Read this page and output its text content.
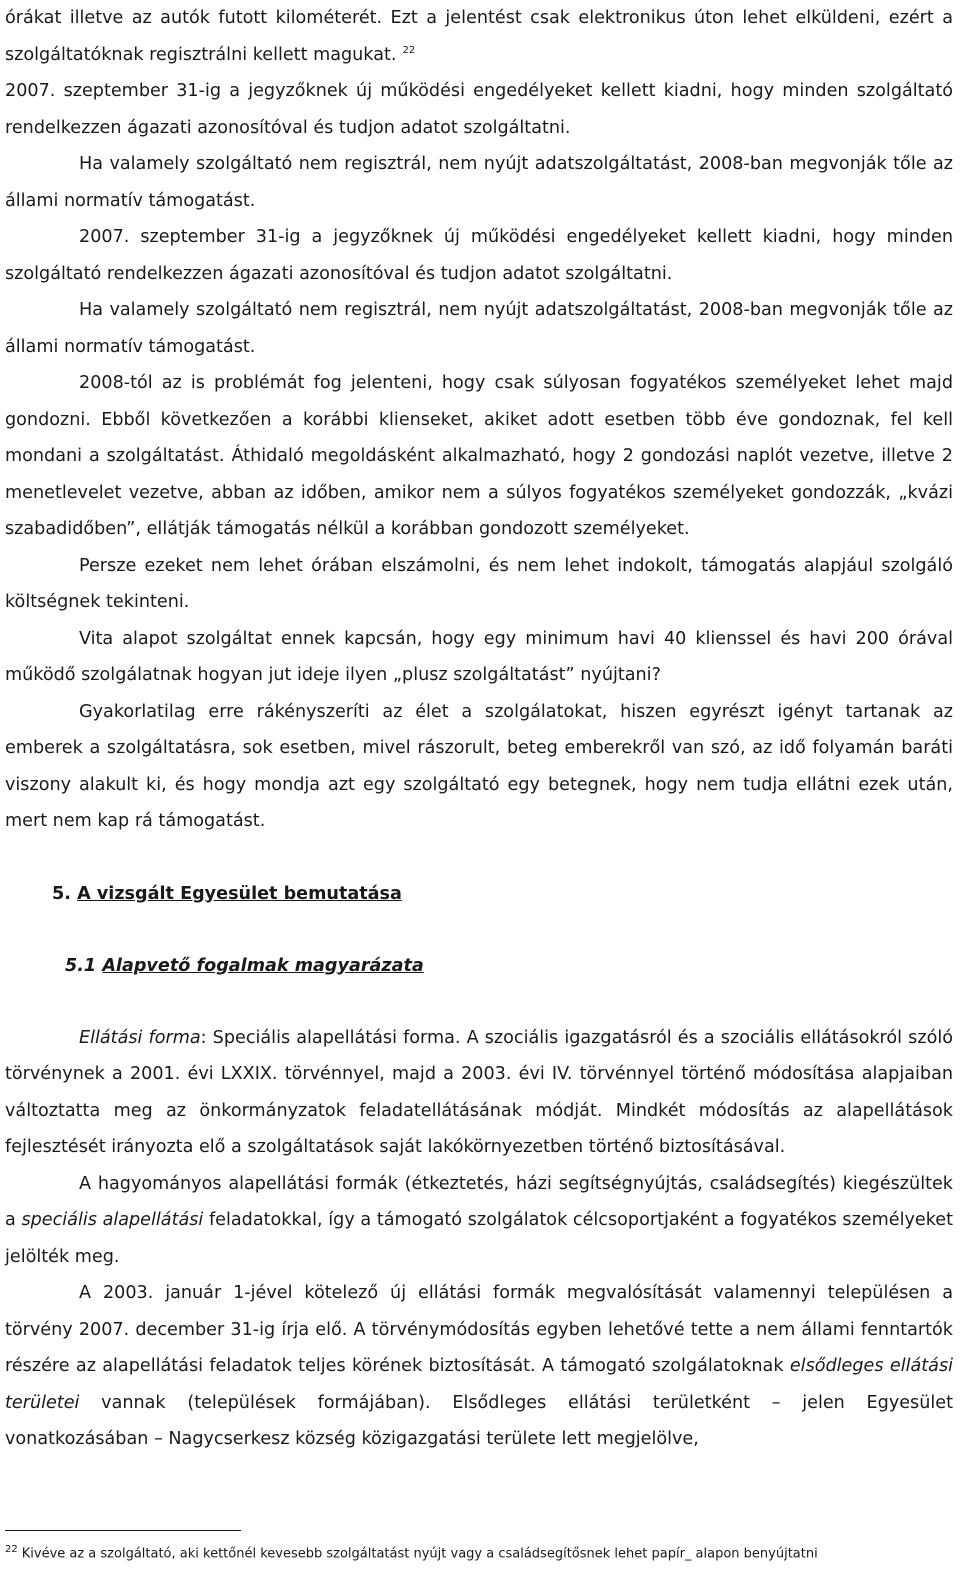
órákat illetve az autók futott kilométerét. Ezt a jelentést csak elektronikus úton lehet elküldeni, ezért a szolgáltatóknak regisztrálni kellett magukat. $^{22}$

2007. szeptember 31-ig a jegyzőknek új működési engedélyeket kellett kiadni, hogy minden szolgáltató rendelkezzen ágazati azonosítóval és tudjon adatot szolgáltatni.

Ha valamely szolgáltató nem regisztrál, nem nyújt adatszolgáltatást, 2008-ban megvonják tőle az állami normatív támogatást.

2007. szeptember 31-ig a jegyzőknek új működési engedélyeket kellett kiadni, hogy minden szolgáltató rendelkezzen ágazati azonosítóval és tudjon adatot szolgáltatni.

Ha valamely szolgáltató nem regisztrál, nem nyújt adatszolgáltatást, 2008-ban megvonják tőle az állami normatív támogatást.

2008-tól az is problémát fog jelenteni, hogy csak súlyosan fogyatékos személyeket lehet majd gondozni. Ebből következően a korábbi klienseket, akiket adott esetben több éve gondoznak, fel kell mondani a szolgáltatást. Áthidaló megoldásként alkalmazható, hogy 2 gondozási naplót vezetve, illetve 2 menetlevelet vezetve, abban az időben, amikor nem a súlyos fogyatékos személyeket gondozzák, „kvázi szabadidőben”, ellátják támogatás nélkül a korábban gondozott személyeket.

Persze ezeket nem lehet órában elszámolni, és nem lehet indokolt, támogatás alapjául szolgáló költségnek tekinteni.

Vita alapot szolgáltat ennek kapcsán, hogy egy minimum havi 40 klienssel és havi 200 órával működő szolgálatnak hogyan jut ideje ilyen „plusz szolgáltatást” nyújtani?

Gyakorlatilag erre rákényszeríti az élet a szolgálatokat, hiszen egyrészt igényt tartanak az emberek a szolgáltatásra, sok esetben, mivel rászorult, beteg emberekről van szó, az idő folyamán baráti viszony alakult ki, és hogy mondja azt egy szolgáltató egy betegnek, hogy nem tudja ellátni ezek után, mert nem kap rá támogatást.

5. A vizsgált Egyesület bemutatása
5.1 Alapvető fogalmak magyarázata

Ellátási forma: Speciális alapellátási forma. A szociális igazgatásról és a szociális ellátásokról szóló törvénynek a 2001. évi LXXIX. törvénnyel, majd a 2003. évi IV. törvénnyel történő módosítása alapjaiban változtatta meg az önkormányzatok feladatellátásának módját. Mindkét módosítás az alapellátások fejlesztését irányozta elő a szolgáltatások saját lakókörnyezetben történő biztosításával.

A hagyományos alapellátási formák (étkeztetés, házi segítségnyújtás, családsegítés) kiegészültek a speciális alapellátási feladatokkal, így a támogató szolgálatok célcsoportjaként a fogyatékos személyeket jelölték meg.

A 2003. január 1-jével kötelező új ellátási formák megvalósítását valamennyi településen a törvény 2007. december 31-ig írja elő. A törvénymódosítás egyben lehetővé tette a nem állami fenntartók részére az alapellátási feladatok teljes körének biztosítását. A támogató szolgálatoknak elsődleges ellátási területei vannak (települések formájában). Elsődleges ellátási területként – jelen Egyesület vonatkozásában – Nagycserkesz község közigazgatási területe lett megjelölve,

$^{22}$ Kivéve az a szolgáltató, aki kettőnél kevesebb szolgáltatást nyújt vagy a családsegítősnek lehet papír_ alapon benyújtatni
